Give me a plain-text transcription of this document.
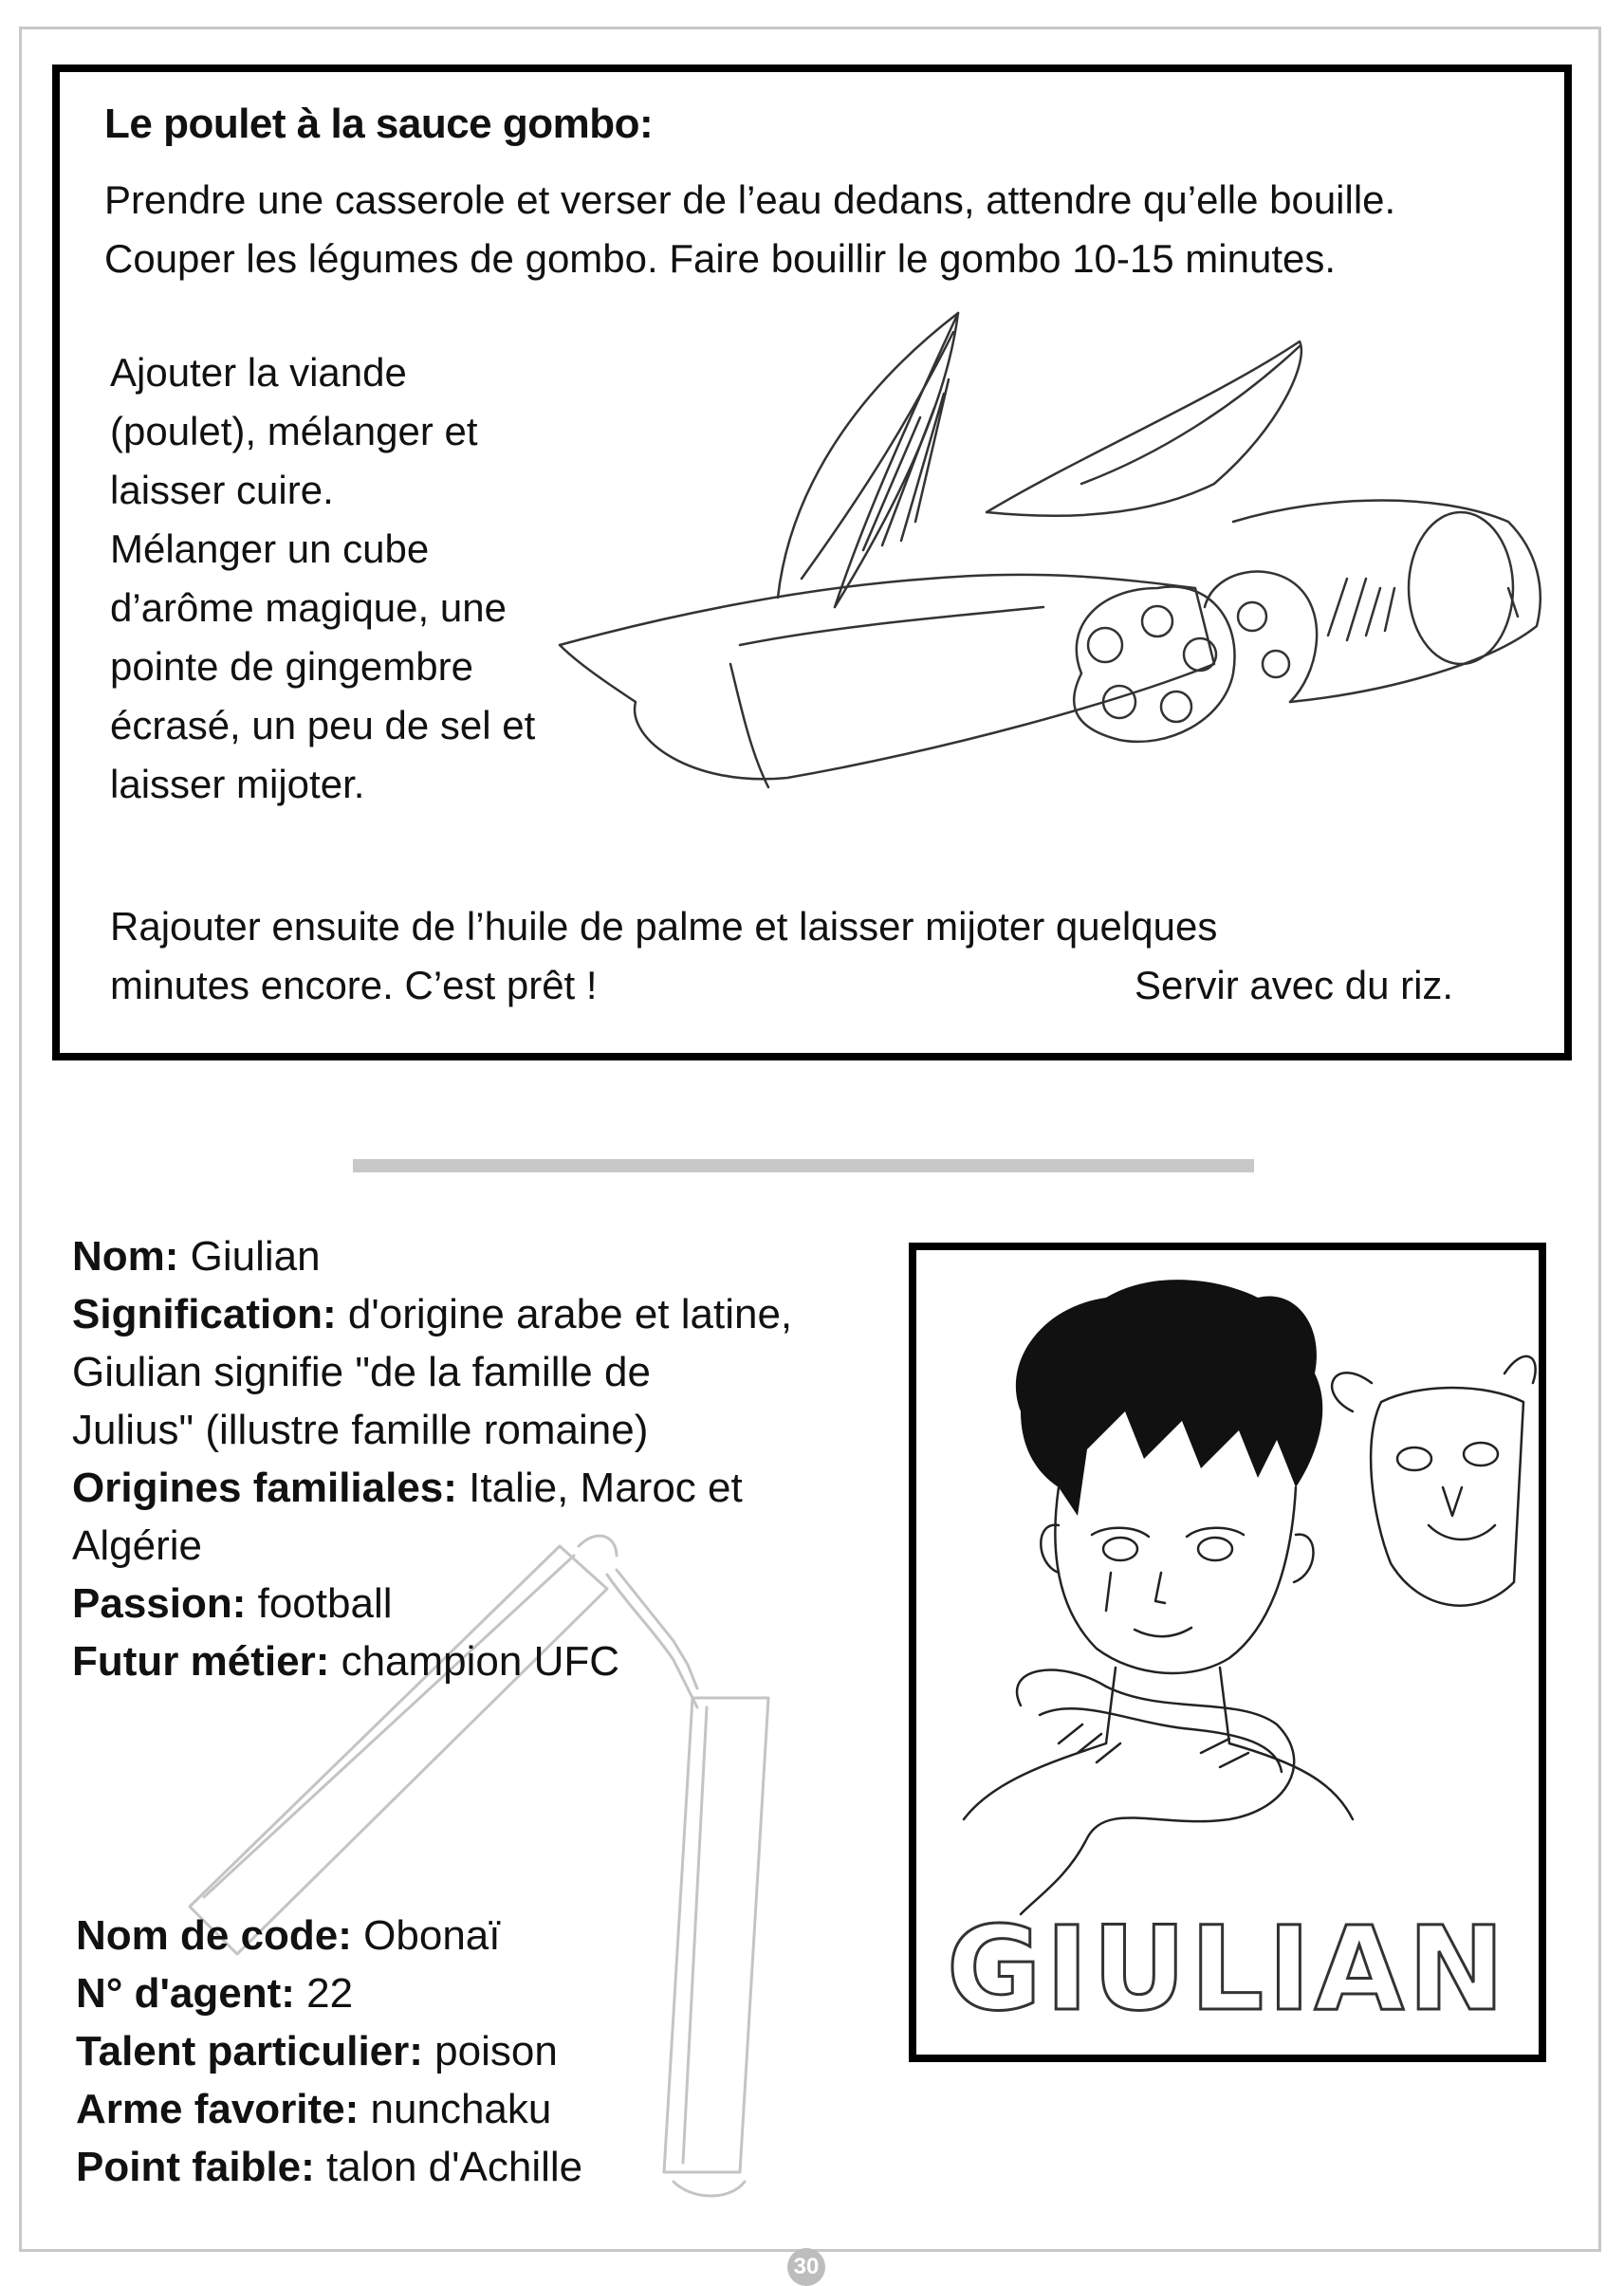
Le poulet à la sauce gombo:
Prendre une casserole et verser de l’eau dedans, attendre qu’elle bouille.
Couper les légumes de gombo. Faire bouillir le gombo 10-15 minutes.
Ajouter la viande
(poulet), mélanger et
laisser cuire.
Mélanger un cube
d’arôme magique, une
pointe de gingembre
écrasé, un peu de sel et
laisser mijoter.
Rajouter ensuite de l’huile de palme et laisser mijoter quelques
minutes encore. C’est prêt !	Servir avec du riz.
Nom: Giulian
Signification: d'origine arabe et latine,
Giulian signifie "de la famille de
Julius" (illustre famille romaine)
Origines familiales: Italie, Maroc et
Algérie
Passion: football
Futur métier: champion UFC
Nom de code: Obonaï
N° d'agent: 22
Talent particulier: poison
Arme favorite: nunchaku
Point faible: talon d'Achille
GIULIAN
30
